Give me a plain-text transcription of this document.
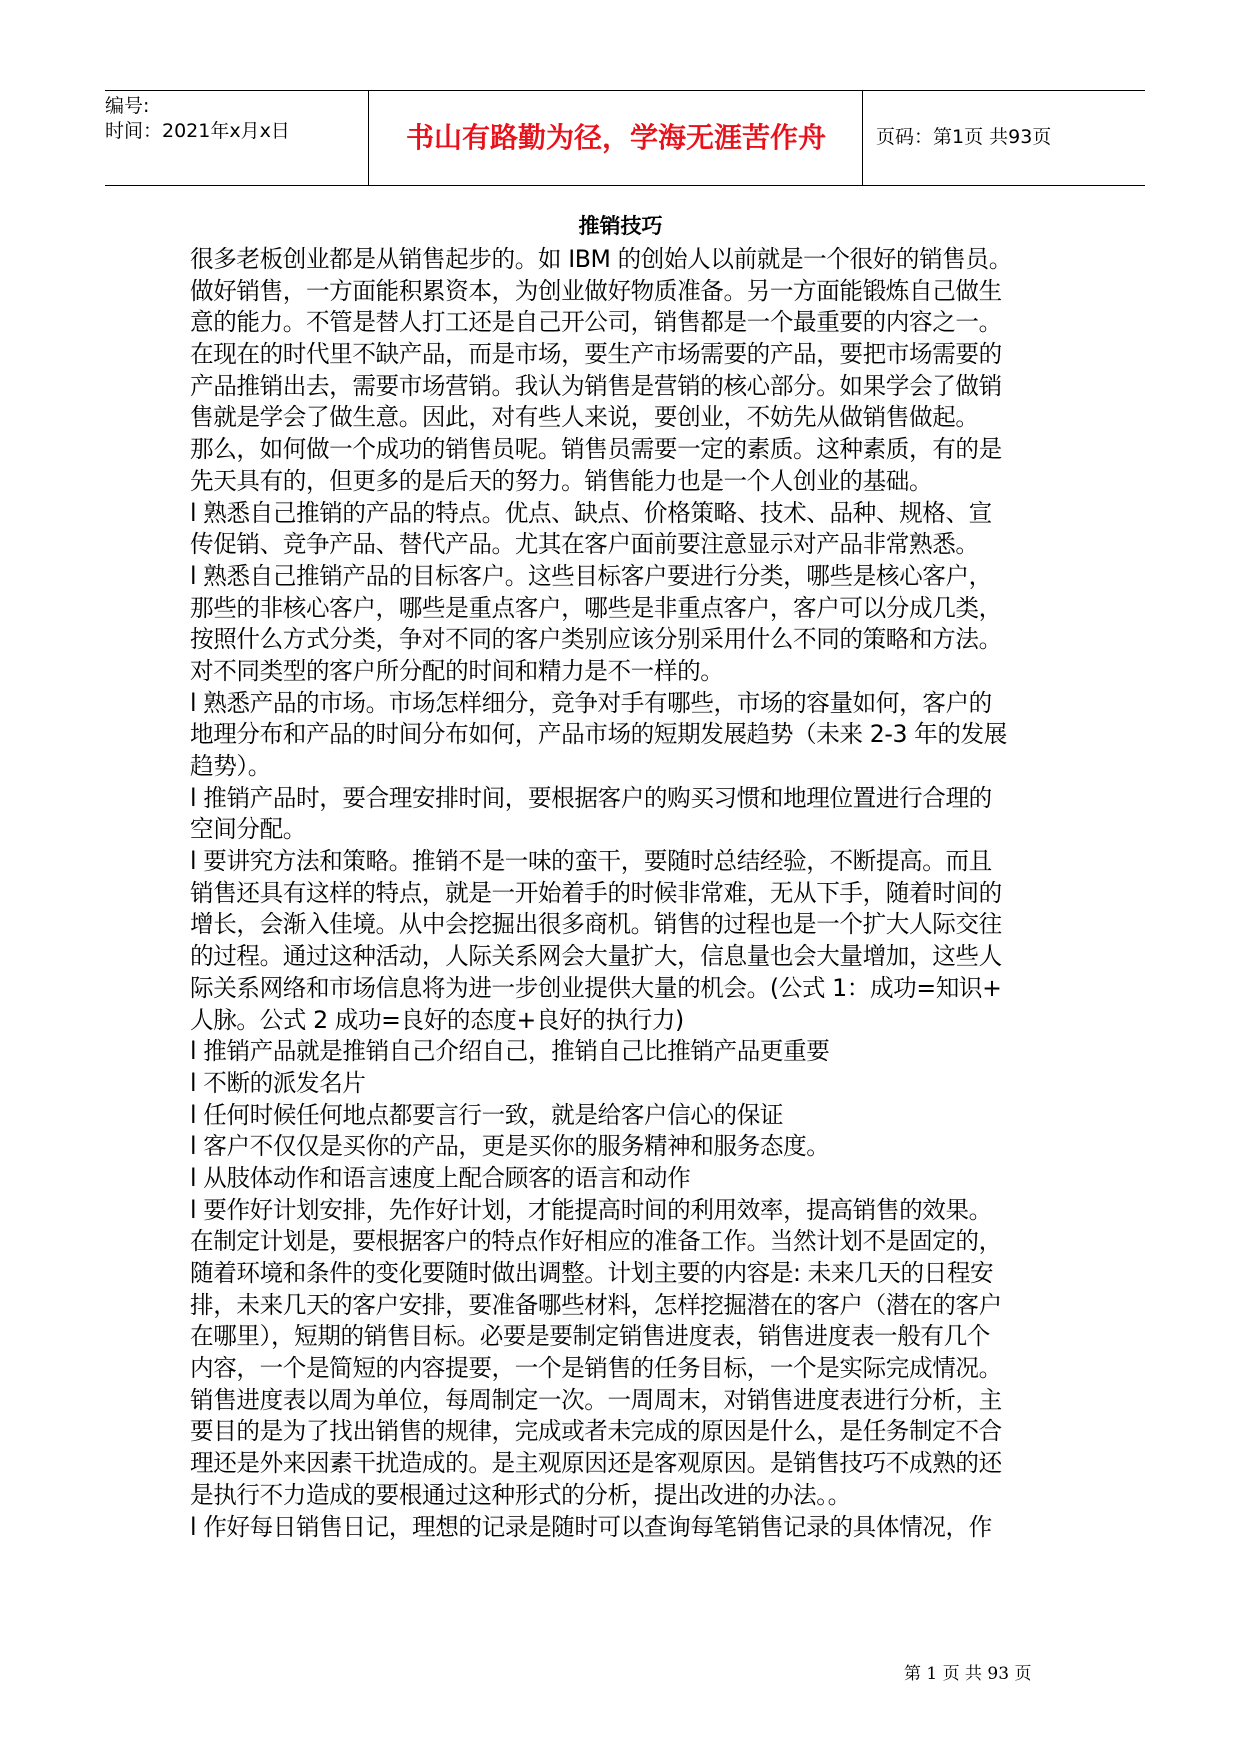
编号:
时间：2021年x月x日	书山有路勤为径，学海无涯苦作舟	页码：第1页 共93页
推销技巧
很多老板创业都是从销售起步的。如 IBM 的创始人以前就是一个很好的销售员。
做好销售，一方面能积累资本，为创业做好物质准备。另一方面能锻炼自己做生
意的能力。不管是替人打工还是自己开公司，销售都是一个最重要的内容之一。
在现在的时代里不缺产品，而是市场，要生产市场需要的产品，要把市场需要的
产品推销出去，需要市场营销。我认为销售是营销的核心部分。如果学会了做销
售就是学会了做生意。因此，对有些人来说，要创业，不妨先从做销售做起。
那么，如何做一个成功的销售员呢。销售员需要一定的素质。这种素质，有的是
先天具有的，但更多的是后天的努力。销售能力也是一个人创业的基础。
l 熟悉自己推销的产品的特点。优点、缺点、价格策略、技术、品种、规格、宣
传促销、竞争产品、替代产品。尤其在客户面前要注意显示对产品非常熟悉。
l 熟悉自己推销产品的目标客户。这些目标客户要进行分类，哪些是核心客户，
那些的非核心客户，哪些是重点客户，哪些是非重点客户，客户可以分成几类，
按照什么方式分类，争对不同的客户类别应该分别采用什么不同的策略和方法。
对不同类型的客户所分配的时间和精力是不一样的。
l 熟悉产品的市场。市场怎样细分，竞争对手有哪些，市场的容量如何，客户的
地理分布和产品的时间分布如何，产品市场的短期发展趋势（未来 2-3 年的发展
趋势）。
l 推销产品时，要合理安排时间，要根据客户的购买习惯和地理位置进行合理的
空间分配。
l 要讲究方法和策略。推销不是一味的蛮干，要随时总结经验，不断提高。而且
销售还具有这样的特点，就是一开始着手的时候非常难，无从下手，随着时间的
增长，会渐入佳境。从中会挖掘出很多商机。销售的过程也是一个扩大人际交往
的过程。通过这种活动，人际关系网会大量扩大，信息量也会大量增加，这些人
际关系网络和市场信息将为进一步创业提供大量的机会。(公式 1：成功=知识+
人脉。公式 2 成功=良好的态度+良好的执行力)
l 推销产品就是推销自己介绍自己，推销自己比推销产品更重要
l 不断的派发名片
l 任何时候任何地点都要言行一致，就是给客户信心的保证
l 客户不仅仅是买你的产品，更是买你的服务精神和服务态度。
l 从肢体动作和语言速度上配合顾客的语言和动作
l 要作好计划安排，先作好计划，才能提高时间的利用效率，提高销售的效果。
在制定计划是，要根据客户的特点作好相应的准备工作。当然计划不是固定的，
随着环境和条件的变化要随时做出调整。计划主要的内容是: 未来几天的日程安
排，未来几天的客户安排，要准备哪些材料，怎样挖掘潜在的客户（潜在的客户
在哪里），短期的销售目标。必要是要制定销售进度表，销售进度表一般有几个
内容，一个是简短的内容提要，一个是销售的任务目标，一个是实际完成情况。
销售进度表以周为单位，每周制定一次。一周周末，对销售进度表进行分析，主
要目的是为了找出销售的规律，完成或者未完成的原因是什么，是任务制定不合
理还是外来因素干扰造成的。是主观原因还是客观原因。是销售技巧不成熟的还
是执行不力造成的要根通过这种形式的分析，提出改进的办法。。
l 作好每日销售日记，理想的记录是随时可以查询每笔销售记录的具体情况，作
第 1 页 共 93 页
